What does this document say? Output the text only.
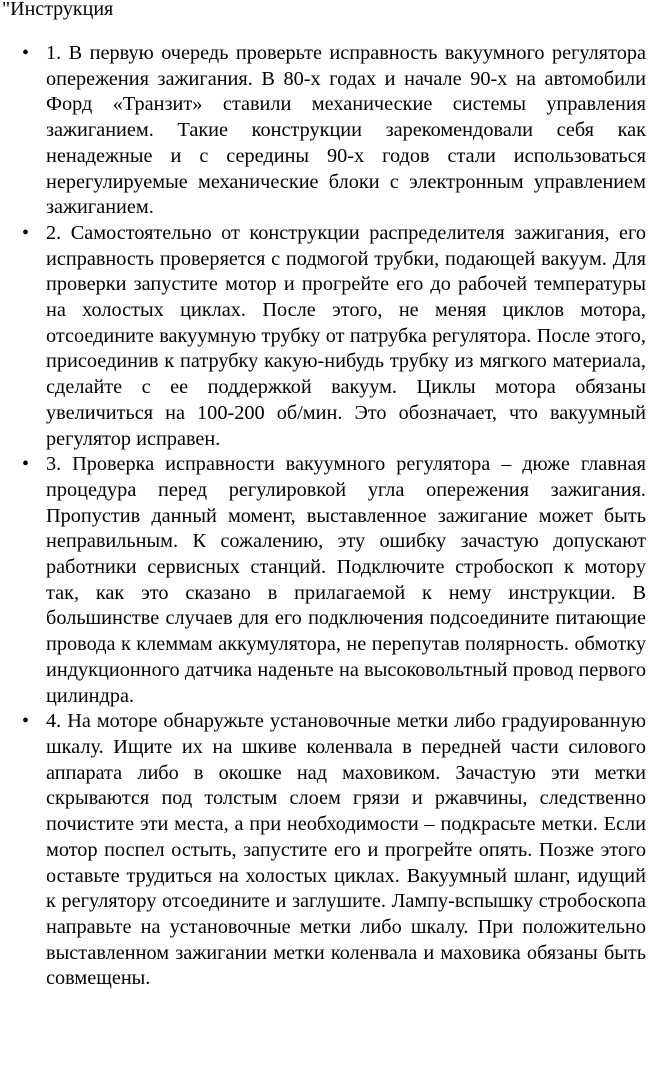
"Инструкция
• 1. В первую очередь проверьте исправность вакуумного регулятора опережения зажигания. В 80-х годах и начале 90-х на автомобили Форд «Транзит» ставили механические системы управления зажиганием. Такие конструкции зарекомендовали себя как ненадежные и с середины 90-х годов стали использоваться нерегулируемые механические блоки с электронным управлением зажиганием.
• 2. Самостоятельно от конструкции распределителя зажигания, его исправность проверяется с подмогой трубки, подающей вакуум. Для проверки запустите мотор и прогрейте его до рабочей температуры на холостых циклах. После этого, не меняя циклов мотора, отсоедините вакуумную трубку от патрубка регулятора. После этого, присоединив к патрубку какую-нибудь трубку из мягкого материала, сделайте с ее поддержкой вакуум. Циклы мотора обязаны увеличиться на 100-200 об/мин. Это обозначает, что вакуумный регулятор исправен.
• 3. Проверка исправности вакуумного регулятора – дюже главная процедура перед регулировкой угла опережения зажигания. Пропустив данный момент, выставленное зажигание может быть неправильным. К сожалению, эту ошибку зачастую допускают работники сервисных станций. Подключите стробоскоп к мотору так, как это сказано в прилагаемой к нему инструкции. В большинстве случаев для его подключения подсоедините питающие провода к клеммам аккумулятора, не перепутав полярность. обмотку индукционного датчика наденьте на высоковольтный провод первого цилиндра.
• 4. На моторе обнаружьте установочные метки либо градуированную шкалу. Ищите их на шкиве коленвала в передней части силового аппарата либо в окошке над маховиком. Зачастую эти метки скрываются под толстым слоем грязи и ржавчины, следственно почистите эти места, а при необходимости – подкрасьте метки. Если мотор поспел остыть, запустите его и прогрейте опять. Позже этого оставьте трудиться на холостых циклах. Вакуумный шланг, идущий к регулятору отсоедините и заглушите. Лампу-вспышку стробоскопа направьте на установочные метки либо шкалу. При положительно выставленном зажигании метки коленвала и маховика обязаны быть совмещены.
